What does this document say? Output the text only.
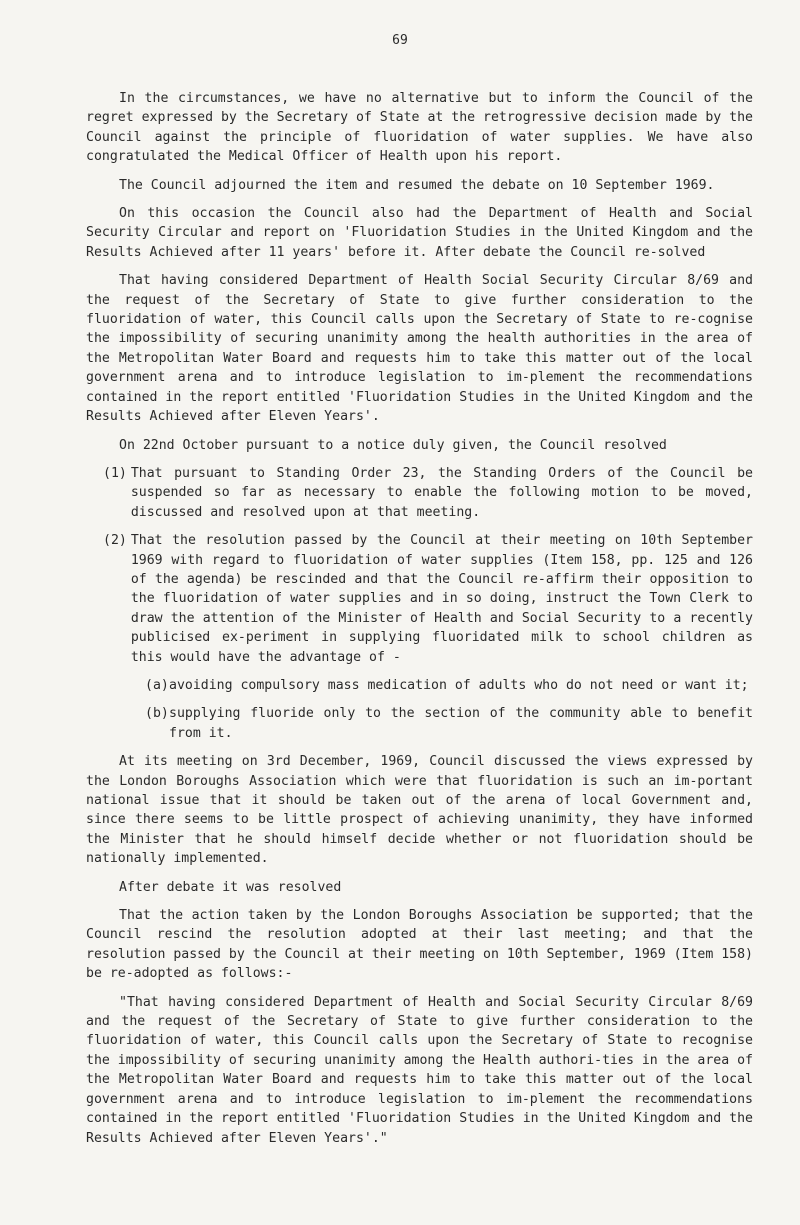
69

In the circumstances, we have no alternative but to inform the Council of the regret expressed by the Secretary of State at the retrogressive decision made by the Council against the principle of fluoridation of water supplies. We have also congratulated the Medical Officer of Health upon his report.

The Council adjourned the item and resumed the debate on 10 September 1969.

On this occasion the Council also had the Department of Health and Social Security Circular and report on 'Fluoridation Studies in the United Kingdom and the Results Achieved after 11 years' before it. After debate the Council re-solved

That having considered Department of Health Social Security Circular 8/69 and the request of the Secretary of State to give further consideration to the fluoridation of water, this Council calls upon the Secretary of State to re-cognise the impossibility of securing unanimity among the health authorities in the area of the Metropolitan Water Board and requests him to take this matter out of the local government arena and to introduce legislation to im-plement the recommendations contained in the report entitled 'Fluoridation Studies in the United Kingdom and the Results Achieved after Eleven Years'.

On 22nd October pursuant to a notice duly given, the Council resolved

(1) That pursuant to Standing Order 23, the Standing Orders of the Council be suspended so far as necessary to enable the following motion to be moved, discussed and resolved upon at that meeting.
(2) That the resolution passed by the Council at their meeting on 10th September 1969 with regard to fluoridation of water supplies (Item 158, pp. 125 and 126 of the agenda) be rescinded and that the Council re-affirm their opposition to the fluoridation of water supplies and in so doing, instruct the Town Clerk to draw the attention of the Minister of Health and Social Security to a recently publicised ex-periment in supplying fluoridated milk to school children as this would have the advantage of -
(a) avoiding compulsory mass medication of adults who do not need or want it;
(b) supplying fluoride only to the section of the community able to benefit from it.

At its meeting on 3rd December, 1969, Council discussed the views expressed by the London Boroughs Association which were that fluoridation is such an im-portant national issue that it should be taken out of the arena of local Government and, since there seems to be little prospect of achieving unanimity, they have informed the Minister that he should himself decide whether or not fluoridation should be nationally implemented.

After debate it was resolved

That the action taken by the London Boroughs Association be supported; that the Council rescind the resolution adopted at their last meeting; and that the resolution passed by the Council at their meeting on 10th September, 1969 (Item 158) be re-adopted as follows:-

"That having considered Department of Health and Social Security Circular 8/69 and the request of the Secretary of State to give further consideration to the fluoridation of water, this Council calls upon the Secretary of State to recognise the impossibility of securing unanimity among the Health authori-ties in the area of the Metropolitan Water Board and requests him to take this matter out of the local government arena and to introduce legislation to im-plement the recommendations contained in the report entitled 'Fluoridation Studies in the United Kingdom and the Results Achieved after Eleven Years'."
